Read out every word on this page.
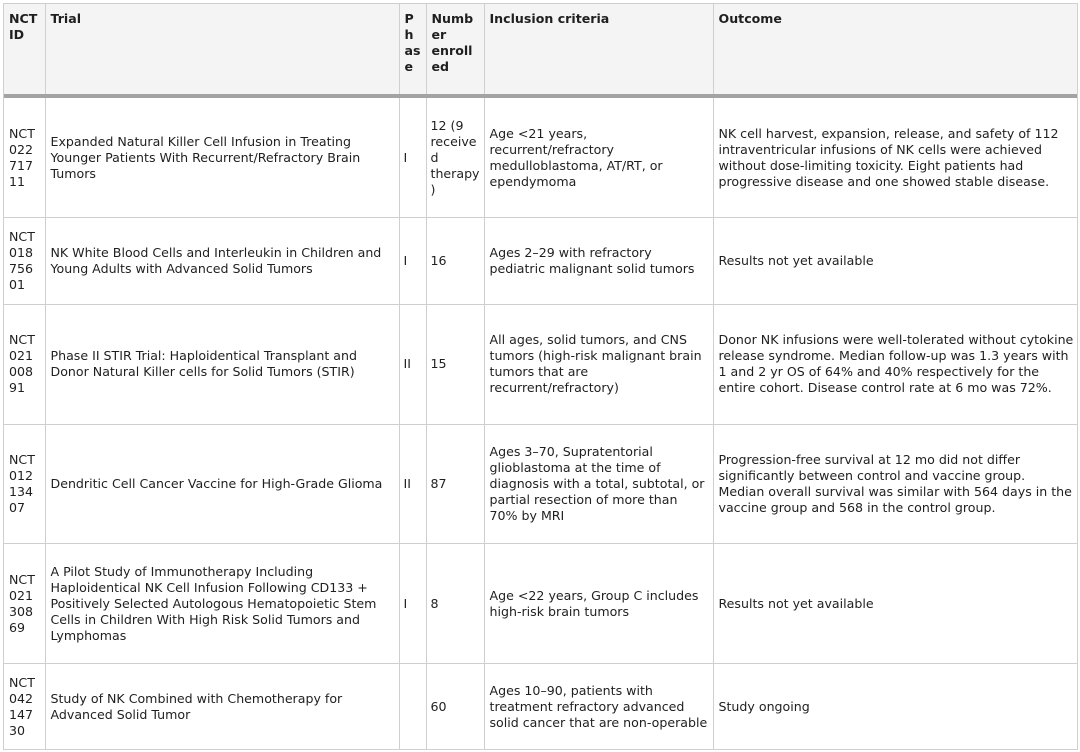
NCT ID	Trial	Phase	Number enrolled	Inclusion criteria	Outcome
NCT02271711	Expanded Natural Killer Cell Infusion in Treating Younger Patients With Recurrent/Refractory Brain Tumors	I	12 (9 received therapy)	Age <21 years, recurrent/refractory medulloblastoma, AT/RT, or ependymoma	NK cell harvest, expansion, release, and safety of 112 intraventricular infusions of NK cells were achieved without dose-limiting toxicity. Eight patients had progressive disease and one showed stable disease.
NCT01875601	NK White Blood Cells and Interleukin in Children and Young Adults with Advanced Solid Tumors	I	16	Ages 2–29 with refractory pediatric malignant solid tumors	Results not yet available
NCT02100891	Phase II STIR Trial: Haploidentical Transplant and Donor Natural Killer cells for Solid Tumors (STIR)	II	15	All ages, solid tumors, and CNS tumors (high-risk malignant brain tumors that are recurrent/refractory)	Donor NK infusions were well-tolerated without cytokine release syndrome. Median follow-up was 1.3 years with 1 and 2 yr OS of 64% and 40% respectively for the entire cohort. Disease control rate at 6 mo was 72%.
NCT01213407	Dendritic Cell Cancer Vaccine for High-Grade Glioma	II	87	Ages 3–70, Supratentorial glioblastoma at the time of diagnosis with a total, subtotal, or partial resection of more than 70% by MRI	Progression-free survival at 12 mo did not differ significantly between control and vaccine group. Median overall survival was similar with 564 days in the vaccine group and 568 in the control group.
NCT02130869	A Pilot Study of Immunotherapy Including Haploidentical NK Cell Infusion Following CD133 + Positively Selected Autologous Hematopoietic Stem Cells in Children With High Risk Solid Tumors and Lymphomas	I	8	Age <22 years, Group C includes high-risk brain tumors	Results not yet available
NCT04214730	Study of NK Combined with Chemotherapy for Advanced Solid Tumor		60	Ages 10–90, patients with treatment refractory advanced solid cancer that are non-operable	Study ongoing
